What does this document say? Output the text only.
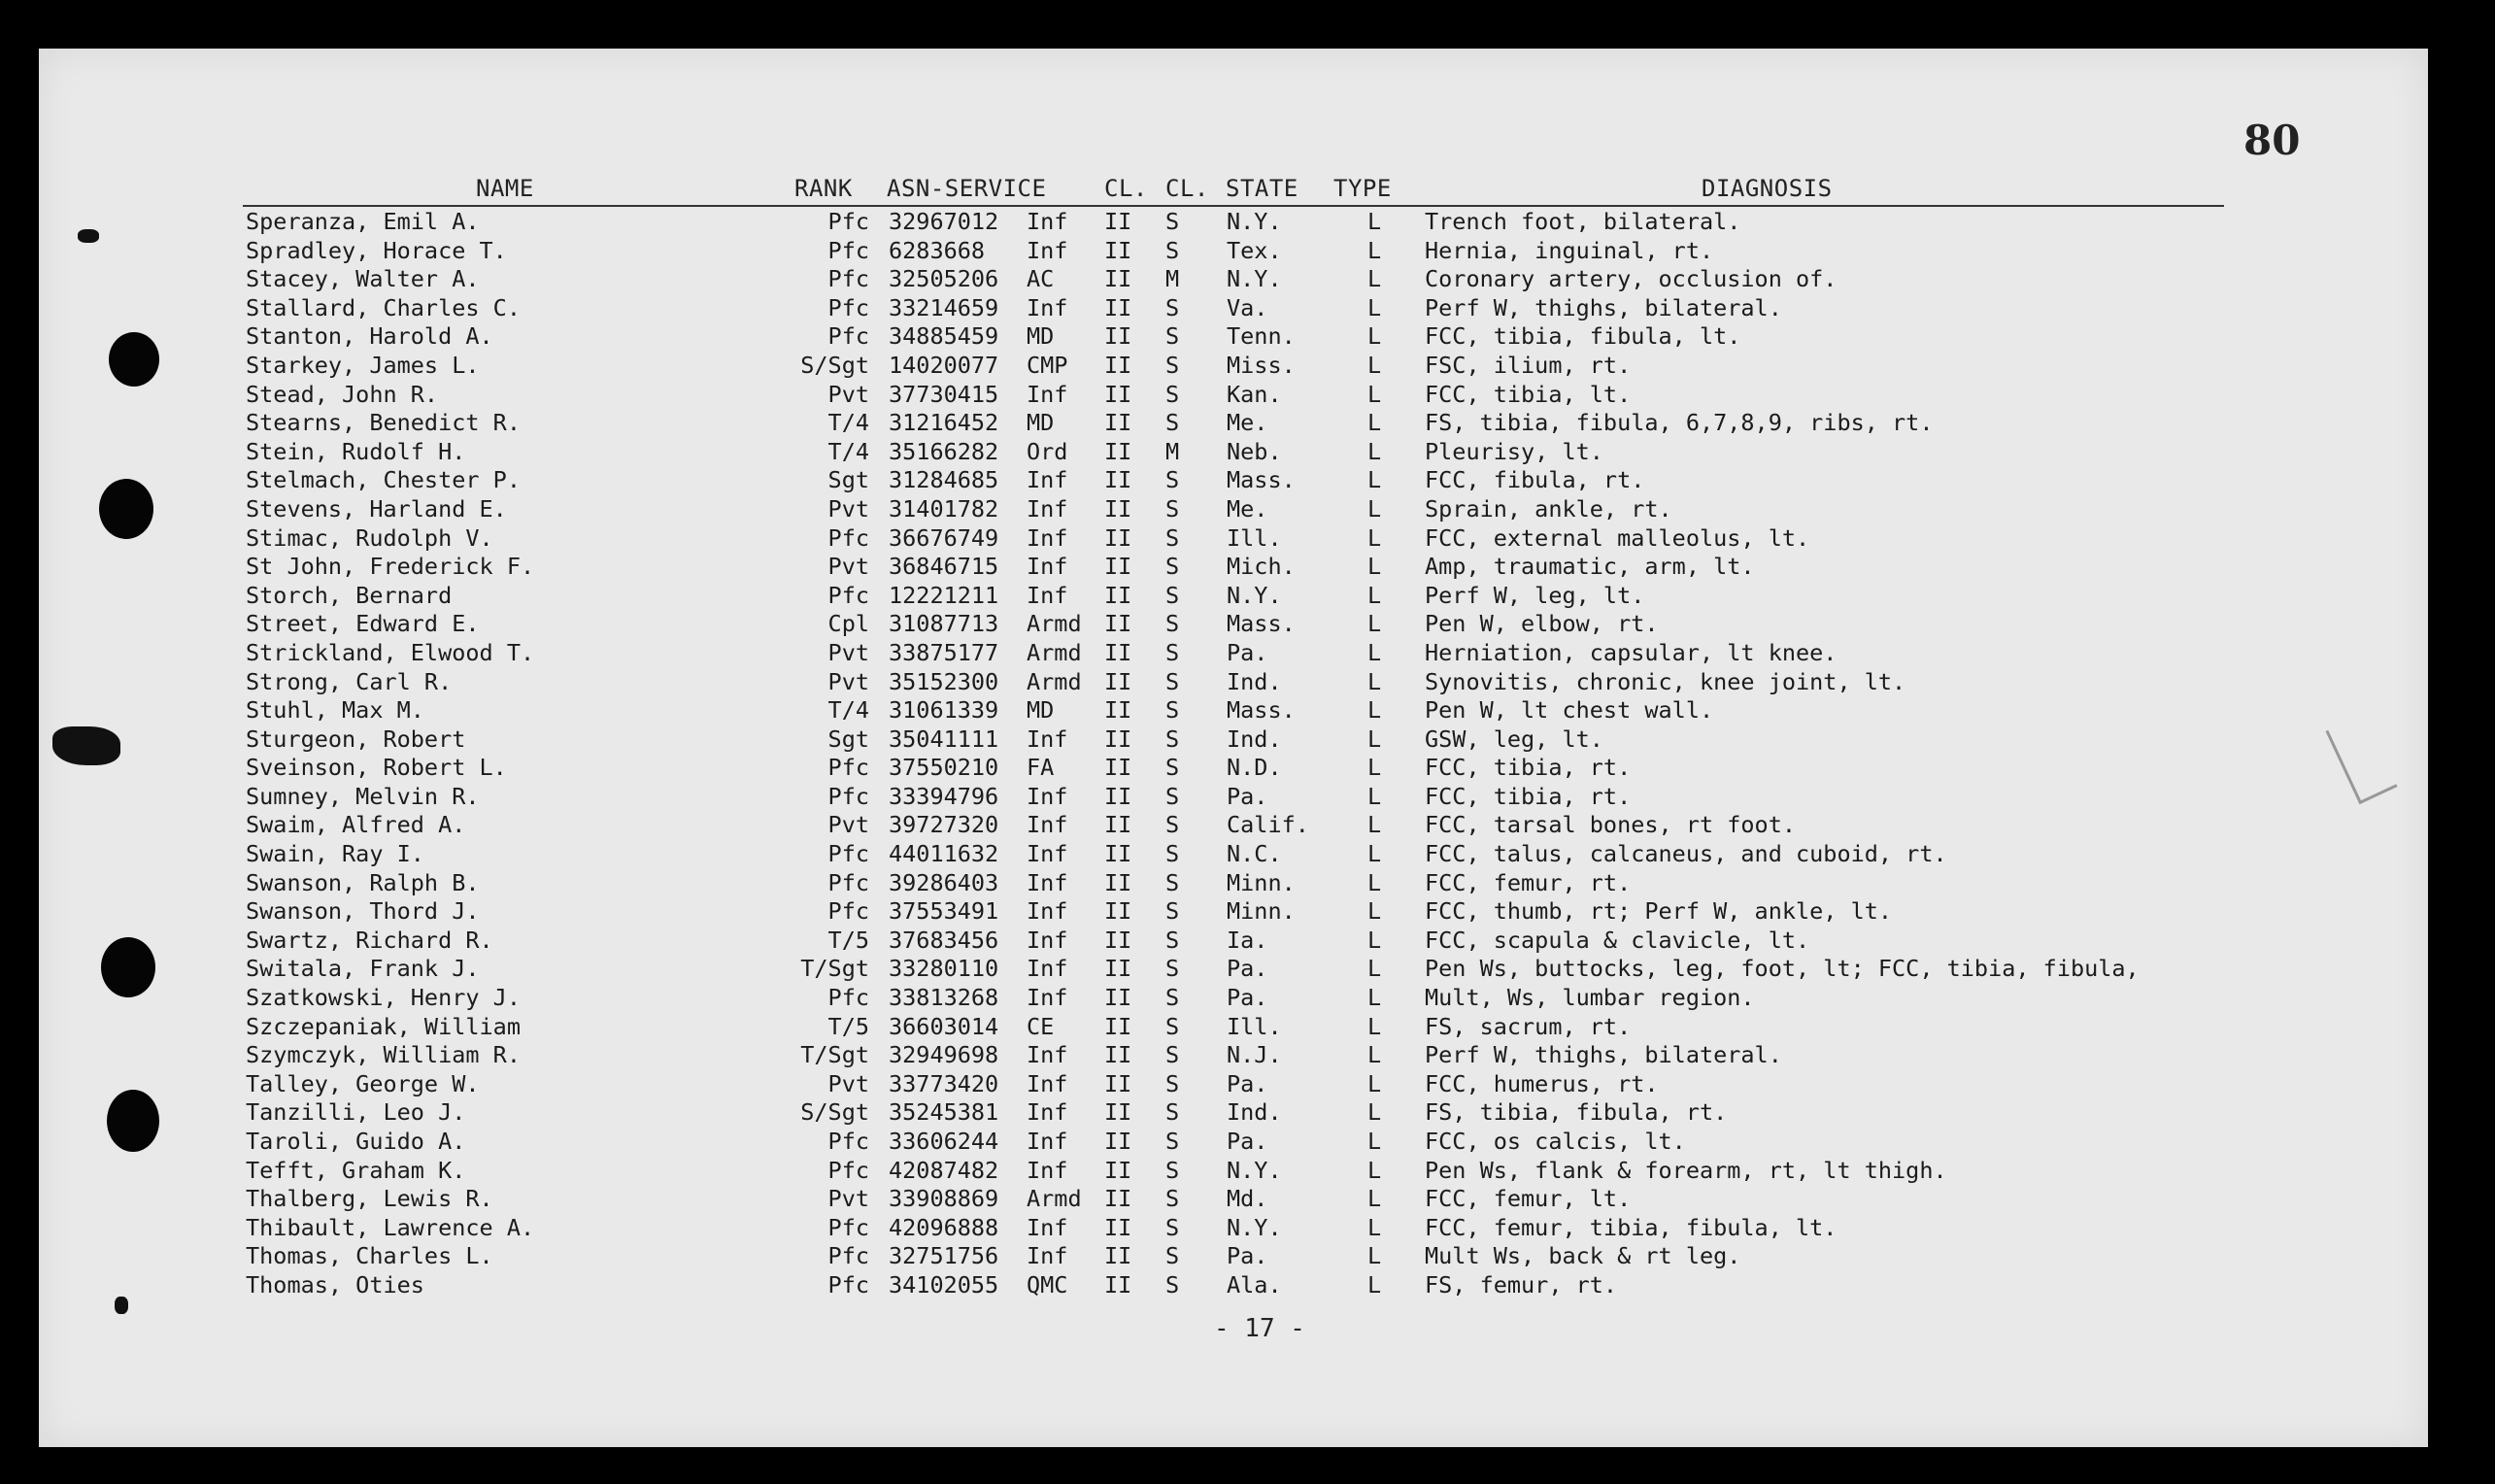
80
NAME	RANK ASN-SERVICE CL. CL. STATE TYPE	DIAGNOSIS
Speranza, Emil A.	Pfc 32967012 Inf II S N.Y.	L Trench foot, bilateral.
Spradley, Horace T.	Pfc 6283668 Inf II S Tex.	L Hernia, inguinal, rt.
Stacey, Walter A.	Pfc 32505206 AC II M N.Y.	L Coronary artery, occlusion of.
Stallard, Charles C.	Pfc 33214659 Inf II S Va.	L Perf W, thighs, bilateral.
Stanton, Harold A.	Pfc 34885459 MD II S Tenn.	L FCC, tibia, fibula, lt.
Starkey, James L.	S/Sgt 14020077 CMP II S Miss.	L FSC, ilium, rt.
Stead, John R.	Pvt 37730415 Inf II S Kan.	L FCC, tibia, lt.
Stearns, Benedict R.	T/4 31216452 MD II S Me.	L FS, tibia, fibula, 6,7,8,9, ribs, rt.
Stein, Rudolf H.	T/4 35166282 Ord II M Neb.	L Pleurisy, lt.
Stelmach, Chester P.	Sgt 31284685 Inf II S Mass.	L FCC, fibula, rt.
Stevens, Harland E.	Pvt 31401782 Inf II S Me.	L Sprain, ankle, rt.
Stimac, Rudolph V.	Pfc 36676749 Inf II S Ill.	L FCC, external malleolus, lt.
St John, Frederick F.	Pvt 36846715 Inf II S Mich.	L Amp, traumatic, arm, lt.
Storch, Bernard	Pfc 12221211 Inf II S N.Y.	L Perf W, leg, lt.
Street, Edward E.	Cpl 31087713 Armd II S Mass.	L Pen W, elbow, rt.
Strickland, Elwood T.	Pvt 33875177 Armd II S Pa.	L Herniation, capsular, lt knee.
Strong, Carl R.	Pvt 35152300 Armd II S Ind.	L Synovitis, chronic, knee joint, lt.
Stuhl, Max M.	T/4 31061339 MD II S Mass.	L Pen W, lt chest wall.
Sturgeon, Robert	Sgt 35041111 Inf II S Ind.	L GSW, leg, lt.
Sveinson, Robert L.	Pfc 37550210 FA II S N.D.	L FCC, tibia, rt.
Sumney, Melvin R.	Pfc 33394796 Inf II S Pa.	L FCC, tibia, rt.
Swaim, Alfred A.	Pvt 39727320 Inf II S Calif.	L FCC, tarsal bones, rt foot.
Swain, Ray I.	Pfc 44011632 Inf II S N.C.	L FCC, talus, calcaneus, and cuboid, rt.
Swanson, Ralph B.	Pfc 39286403 Inf II S Minn.	L FCC, femur, rt.
Swanson, Thord J.	Pfc 37553491 Inf II S Minn.	L FCC, thumb, rt; Perf W, ankle, lt.
Swartz, Richard R.	T/5 37683456 Inf II S Ia.	L FCC, scapula & clavicle, lt.
Switala, Frank J.	T/Sgt 33280110 Inf II S Pa.	L Pen Ws, buttocks, leg, foot, lt; FCC, tibia, fibula,
Szatkowski, Henry J.	Pfc 33813268 Inf II S Pa.	L Mult, Ws, lumbar region.
Szczepaniak, William	T/5 36603014 CE II S Ill.	L FS, sacrum, rt.
Szymczyk, William R.	T/Sgt 32949698 Inf II S N.J.	L Perf W, thighs, bilateral.
Talley, George W.	Pvt 33773420 Inf II S Pa.	L FCC, humerus, rt.
Tanzilli, Leo J.	S/Sgt 35245381 Inf II S Ind.	L FS, tibia, fibula, rt.
Taroli, Guido A.	Pfc 33606244 Inf II S Pa.	L FCC, os calcis, lt.
Tefft, Graham K.	Pfc 42087482 Inf II S N.Y.	L Pen Ws, flank & forearm, rt, lt thigh.
Thalberg, Lewis R.	Pvt 33908869 Armd II S Md.	L FCC, femur, lt.
Thibault, Lawrence A.	Pfc 42096888 Inf II S N.Y.	L FCC, femur, tibia, fibula, lt.
Thomas, Charles L.	Pfc 32751756 Inf II S Pa.	L Mult Ws, back & rt leg.
Thomas, Oties	Pfc 34102055 QMC II S Ala.	L FS, femur, rt.
- 17 -
